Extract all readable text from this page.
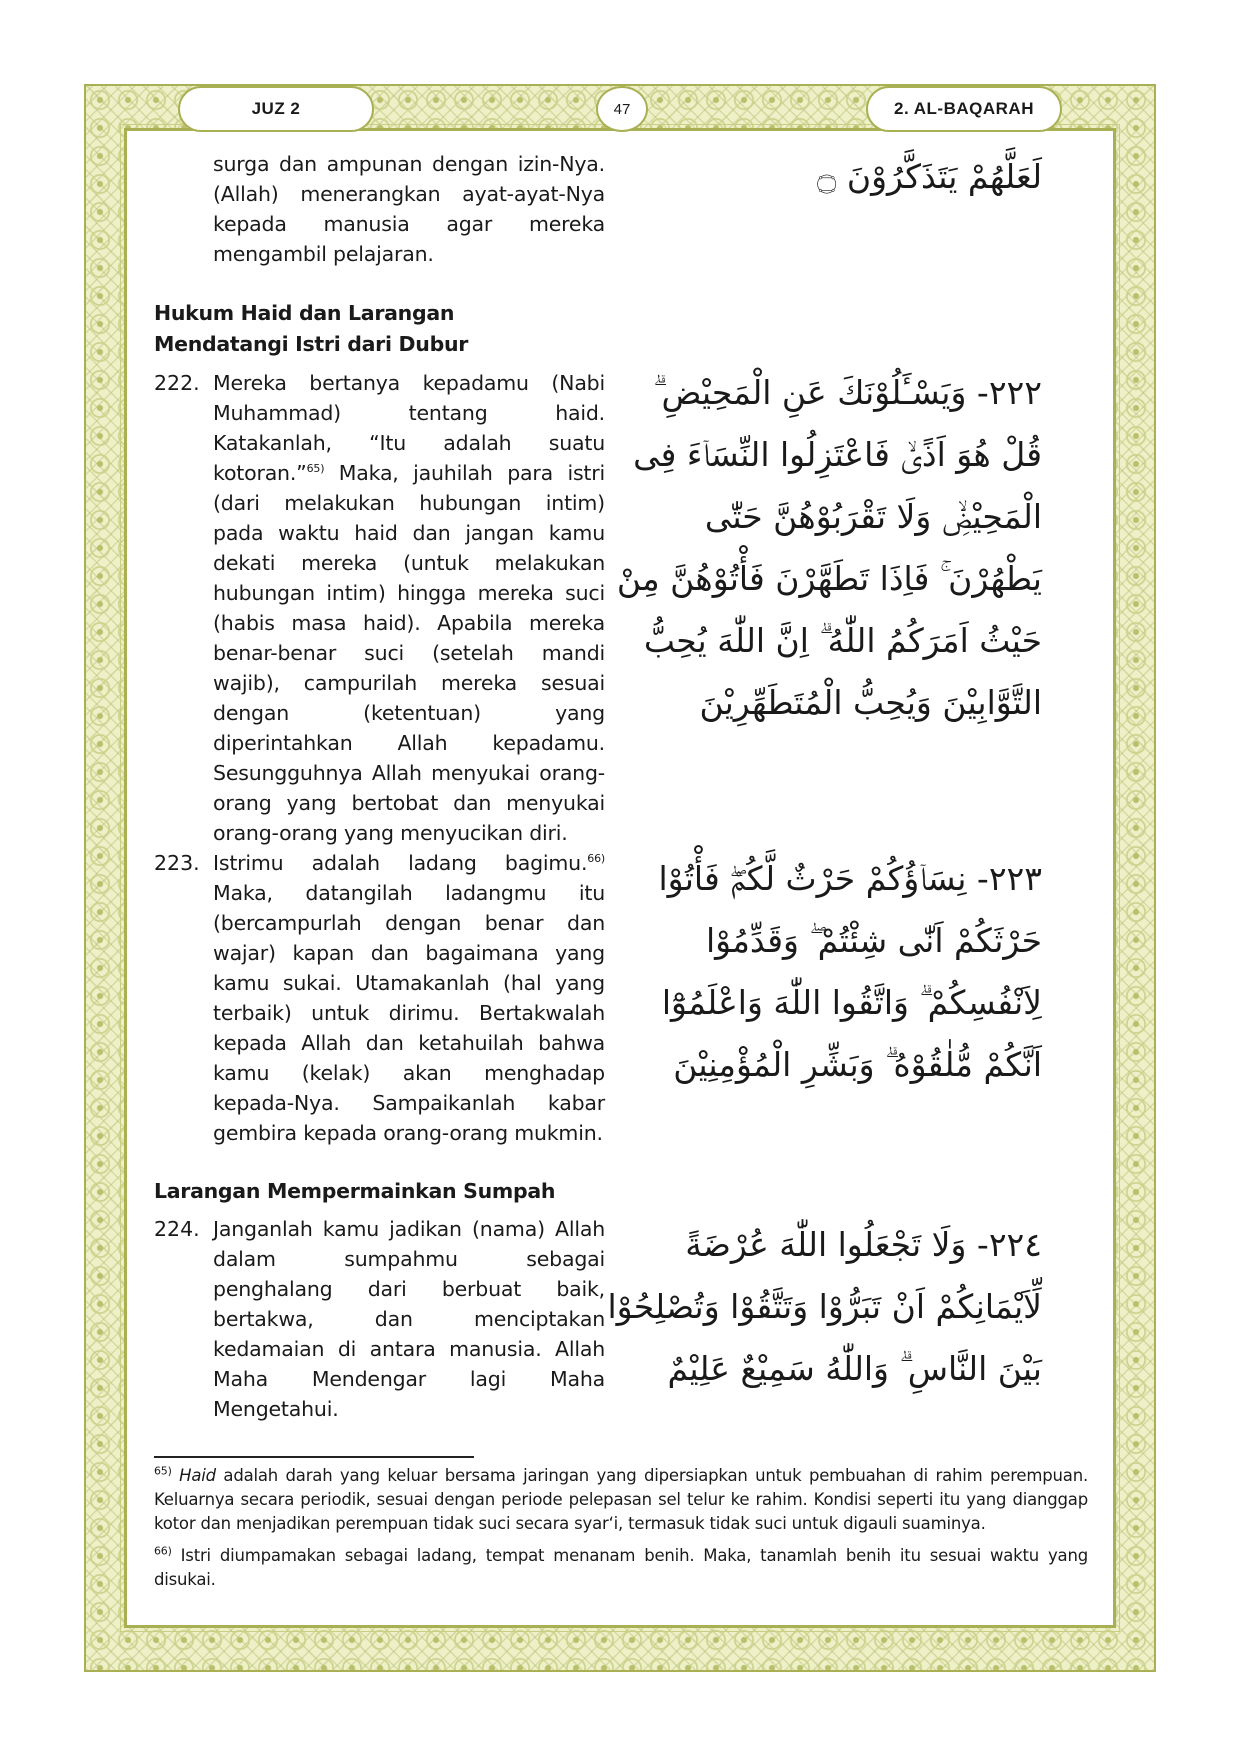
JUZ 2	47	2. AL-BAQARAH
لَعَلَّهُمْ يَتَذَكَّرُوْنَ ۝
surga dan ampunan dengan izin-Nya. (Allah) menerangkan ayat-ayat-Nya kepada manusia agar mereka mengambil pelajaran.
Hukum Haid dan Larangan Mendatangi Istri dari Dubur
222. Mereka bertanya kepadamu (Nabi Muhammad) tentang haid. Katakanlah, “Itu adalah suatu kotoran.”$^{65)}$ Maka, jauhilah para istri (dari melakukan hubungan intim) pada waktu haid dan jangan kamu dekati mereka (untuk melakukan hubungan intim) hingga mereka suci (habis masa haid). Apabila mereka benar-benar suci (setelah mandi wajib), campurilah mereka sesuai dengan (ketentuan) yang diperintahkan Allah kepadamu. Sesungguhnya Allah menyukai orang-orang yang bertobat dan menyukai orang-orang yang menyucikan diri.
٢٢٢- وَيَسْـَٔلُوْنَكَ عَنِ الْمَحِيْضِ ۗ قُلْ هُوَ اَذًىۙ فَاعْتَزِلُوا النِّسَاۤءَ فِى الْمَحِيْضِۙ وَلَا تَقْرَبُوْهُنَّ حَتّٰى يَطْهُرْنَ ۚ فَاِذَا تَطَهَّرْنَ فَأْتُوْهُنَّ مِنْ حَيْثُ اَمَرَكُمُ اللّٰهُ ۗ اِنَّ اللّٰهَ يُحِبُّ التَّوَّابِيْنَ وَيُحِبُّ الْمُتَطَهِّرِيْنَ
223. Istrimu adalah ladang bagimu.$^{66)}$ Maka, datangilah ladangmu itu (bercampurlah dengan benar dan wajar) kapan dan bagaimana yang kamu sukai. Utamakanlah (hal yang terbaik) untuk dirimu. Bertakwalah kepada Allah dan ketahuilah bahwa kamu (kelak) akan menghadap kepada-Nya. Sampaikanlah kabar gembira kepada orang-orang mukmin.
٢٢٣- نِسَاۤؤُكُمْ حَرْثٌ لَّكُمْۖ فَأْتُوْا حَرْثَكُمْ اَنّٰى شِئْتُمْ ۖ وَقَدِّمُوْا لِاَنْفُسِكُمْ ۗ وَاتَّقُوا اللّٰهَ وَاعْلَمُوْٓا اَنَّكُمْ مُّلٰقُوْهُ ۗ وَبَشِّرِ الْمُؤْمِنِيْنَ
Larangan Mempermainkan Sumpah
224. Janganlah kamu jadikan (nama) Allah dalam sumpahmu sebagai penghalang dari berbuat baik, bertakwa, dan menciptakan kedamaian di antara manusia. Allah Maha Mendengar lagi Maha Mengetahui.
٢٢٤- وَلَا تَجْعَلُوا اللّٰهَ عُرْضَةً لِّاَيْمَانِكُمْ اَنْ تَبَرُّوْا وَتَتَّقُوْا وَتُصْلِحُوْا بَيْنَ النَّاسِ ۗ وَاللّٰهُ سَمِيْعٌ عَلِيْمٌ
$^{65)}$ Haid adalah darah yang keluar bersama jaringan yang dipersiapkan untuk pembuahan di rahim perempuan. Keluarnya secara periodik, sesuai dengan periode pelepasan sel telur ke rahim. Kondisi seperti itu yang dianggap kotor dan menjadikan perempuan tidak suci secara syar‘i, termasuk tidak suci untuk digauli suaminya.
$^{66)}$ Istri diumpamakan sebagai ladang, tempat menanam benih. Maka, tanamlah benih itu sesuai waktu yang disukai.
